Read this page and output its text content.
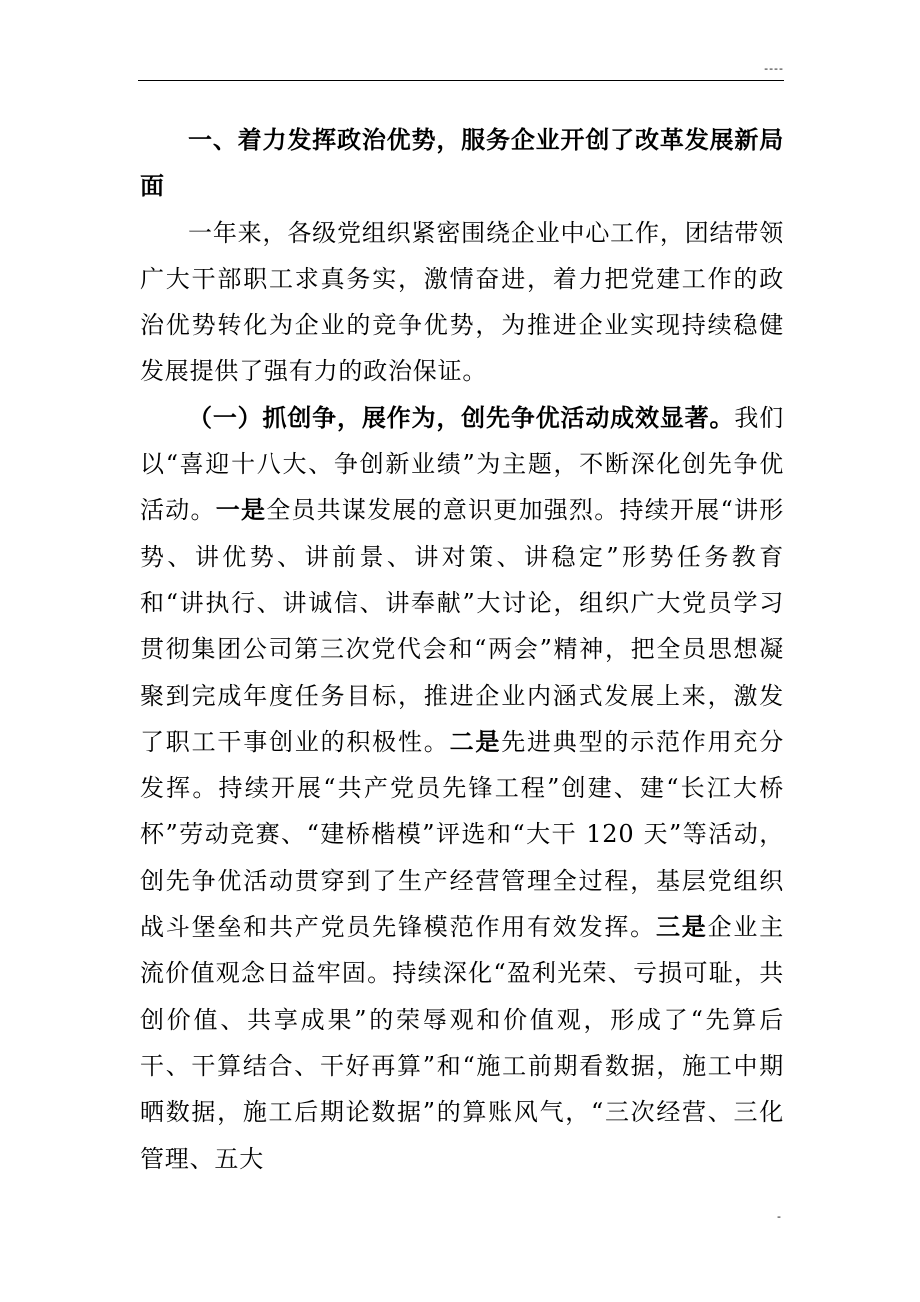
----

一、着力发挥政治优势，服务企业开创了改革发展新局面

一年来，各级党组织紧密围绕企业中心工作，团结带领广大干部职工求真务实，激情奋进，着力把党建工作的政治优势转化为企业的竞争优势，为推进企业实现持续稳健发展提供了强有力的政治保证。

（一）抓创争，展作为，创先争优活动成效显著。我们以“喜迎十八大、争创新业绩”为主题，不断深化创先争优活动。一是全员共谋发展的意识更加强烈。持续开展“讲形势、讲优势、讲前景、讲对策、讲稳定”形势任务教育和“讲执行、讲诚信、讲奉献”大讨论，组织广大党员学习贯彻集团公司第三次党代会和“两会”精神，把全员思想凝聚到完成年度任务目标，推进企业内涵式发展上来，激发了职工干事创业的积极性。二是先进典型的示范作用充分发挥。持续开展“共产党员先锋工程”创建、建“长江大桥杯”劳动竞赛、“建桥楷模”评选和“大干 120 天”等活动，创先争优活动贯穿到了生产经营管理全过程，基层党组织战斗堡垒和共产党员先锋模范作用有效发挥。三是企业主流价值观念日益牢固。持续深化“盈利光荣、亏损可耻，共创价值、共享成果”的荣辱观和价值观，形成了“先算后干、干算结合、干好再算”和“施工前期看数据，施工中期晒数据，施工后期论数据”的算账风气，“三次经营、三化管理、五大

-
